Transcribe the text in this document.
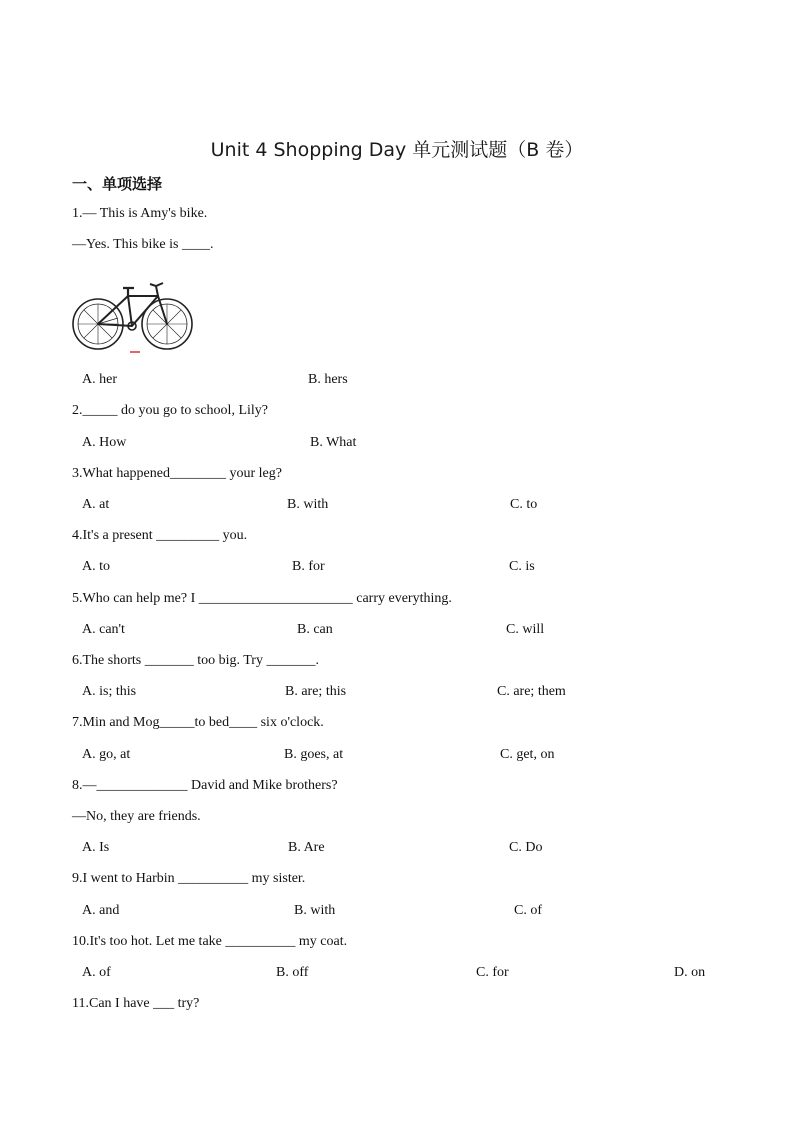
Unit 4 Shopping Day 单元测试题（B 卷）
一、单项选择
1.— This is Amy's bike.
—Yes. This bike is ____.
A. her	B. hers
2._____ do you go to school, Lily?
A. How	B. What
3.What happened________ your leg?
A. at	B. with	C. to
4.It's a present _________ you.
A. to	B. for	C. is
5.Who can help me? I ______________________ carry everything.
A. can't	B. can	C. will
6.The shorts _______ too big. Try _______.
A. is; this	B. are; this	C. are; them
7.Min and Mog_____to bed____ six o'clock.
A. go, at	B. goes, at	C. get, on
8.—_____________ David and Mike brothers?
—No, they are friends.
A. Is	B. Are	C. Do
9.I went to Harbin __________ my sister.
A. and	B. with	C. of
10.It's too hot. Let me take __________ my coat.
A. of	B. off	C. for	D. on
11.Can I have ___ try?
